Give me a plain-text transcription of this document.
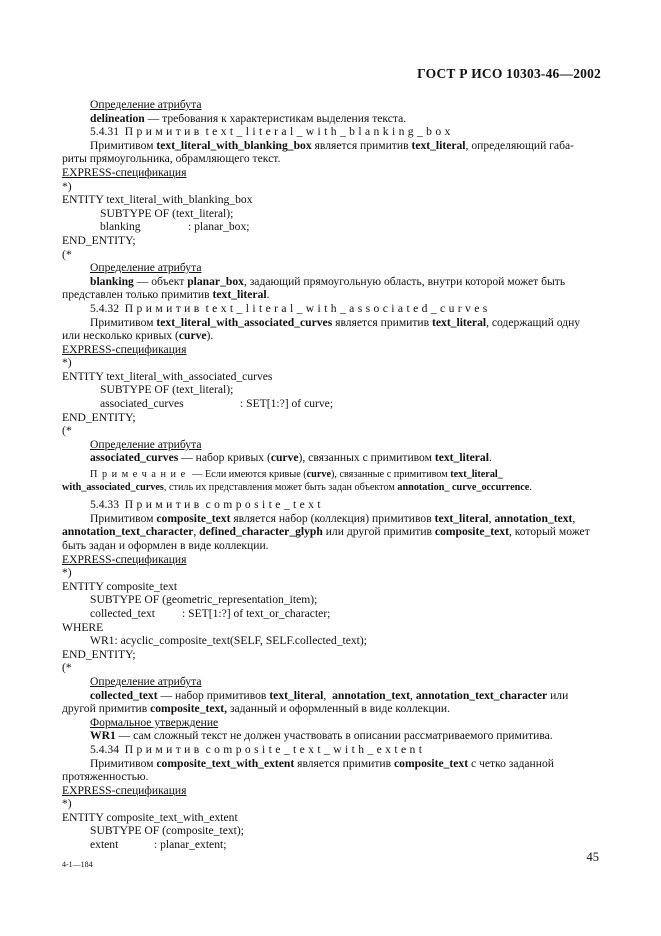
ГОСТ Р ИСО 10303-46—2002
Определение атрибута
delineation — требования к характеристикам выделения текста.
5.4.31 Примитив text_literal_with_blanking_box
Примитивом text_literal_with_blanking_box является примитив text_literal, определяющий габа-
риты прямоугольника, обрамляющего текст.
EXPRESS-спецификация
*)
ENTITY text_literal_with_blanking_box
SUBTYPE OF (text_literal);
blanking	: planar_box;
END_ENTITY;
(*
Определение атрибута
blanking — объект planar_box, задающий прямоугольную область, внутри которой может быть
представлен только примитив text_literal.
5.4.32 Примитив text_literal_with_associated_curves
Примитивом text_literal_with_associated_curves является примитив text_literal, содержащий одну
или несколько кривых (curve).
EXPRESS-спецификация
*)
ENTITY text_literal_with_associated_curves
SUBTYPE OF (text_literal);
associated_curves	: SET[1:?] of curve;
END_ENTITY;
(*
Определение атрибута
associated_curves — набор кривых (curve), связанных с примитивом text_literal.
Примечание — Если имеются кривые (curve), связанные с примитивом text_literal_
with_associated_curves, стиль их представления может быть задан объектом annotation_ curve_occurrence.
5.4.33 Примитив composite_text
Примитивом composite_text является набор (коллекция) примитивов text_literal, annotation_text,
annotation_text_character, defined_character_glyph или другой примитив composite_text, который может
быть задан и оформлен в виде коллекции.
EXPRESS-спецификация
*)
ENTITY composite_text
SUBTYPE OF (geometric_representation_item);
collected_text : SET[1:?] of text_or_character;
WHERE
WR1: acyclic_composite_text(SELF, SELF.collected_text);
END_ENTITY;
(*
Определение атрибута
collected_text — набор примитивов text_literal,  annotation_text, annotation_text_character или
другой примитив composite_text, заданный и оформленный в виде коллекции.
Формальное утверждение
WR1 — сам сложный текст не должен участвовать в описании рассматриваемого примитива.
5.4.34 Примитив composite_text_with_extent
Примитивом composite_text_with_extent является примитив composite_text с четко заданной
протяженностью.
EXPRESS-спецификация
*)
ENTITY composite_text_with_extent
SUBTYPE OF (composite_text);
extent	: planar_extent;
4-1—184
45
